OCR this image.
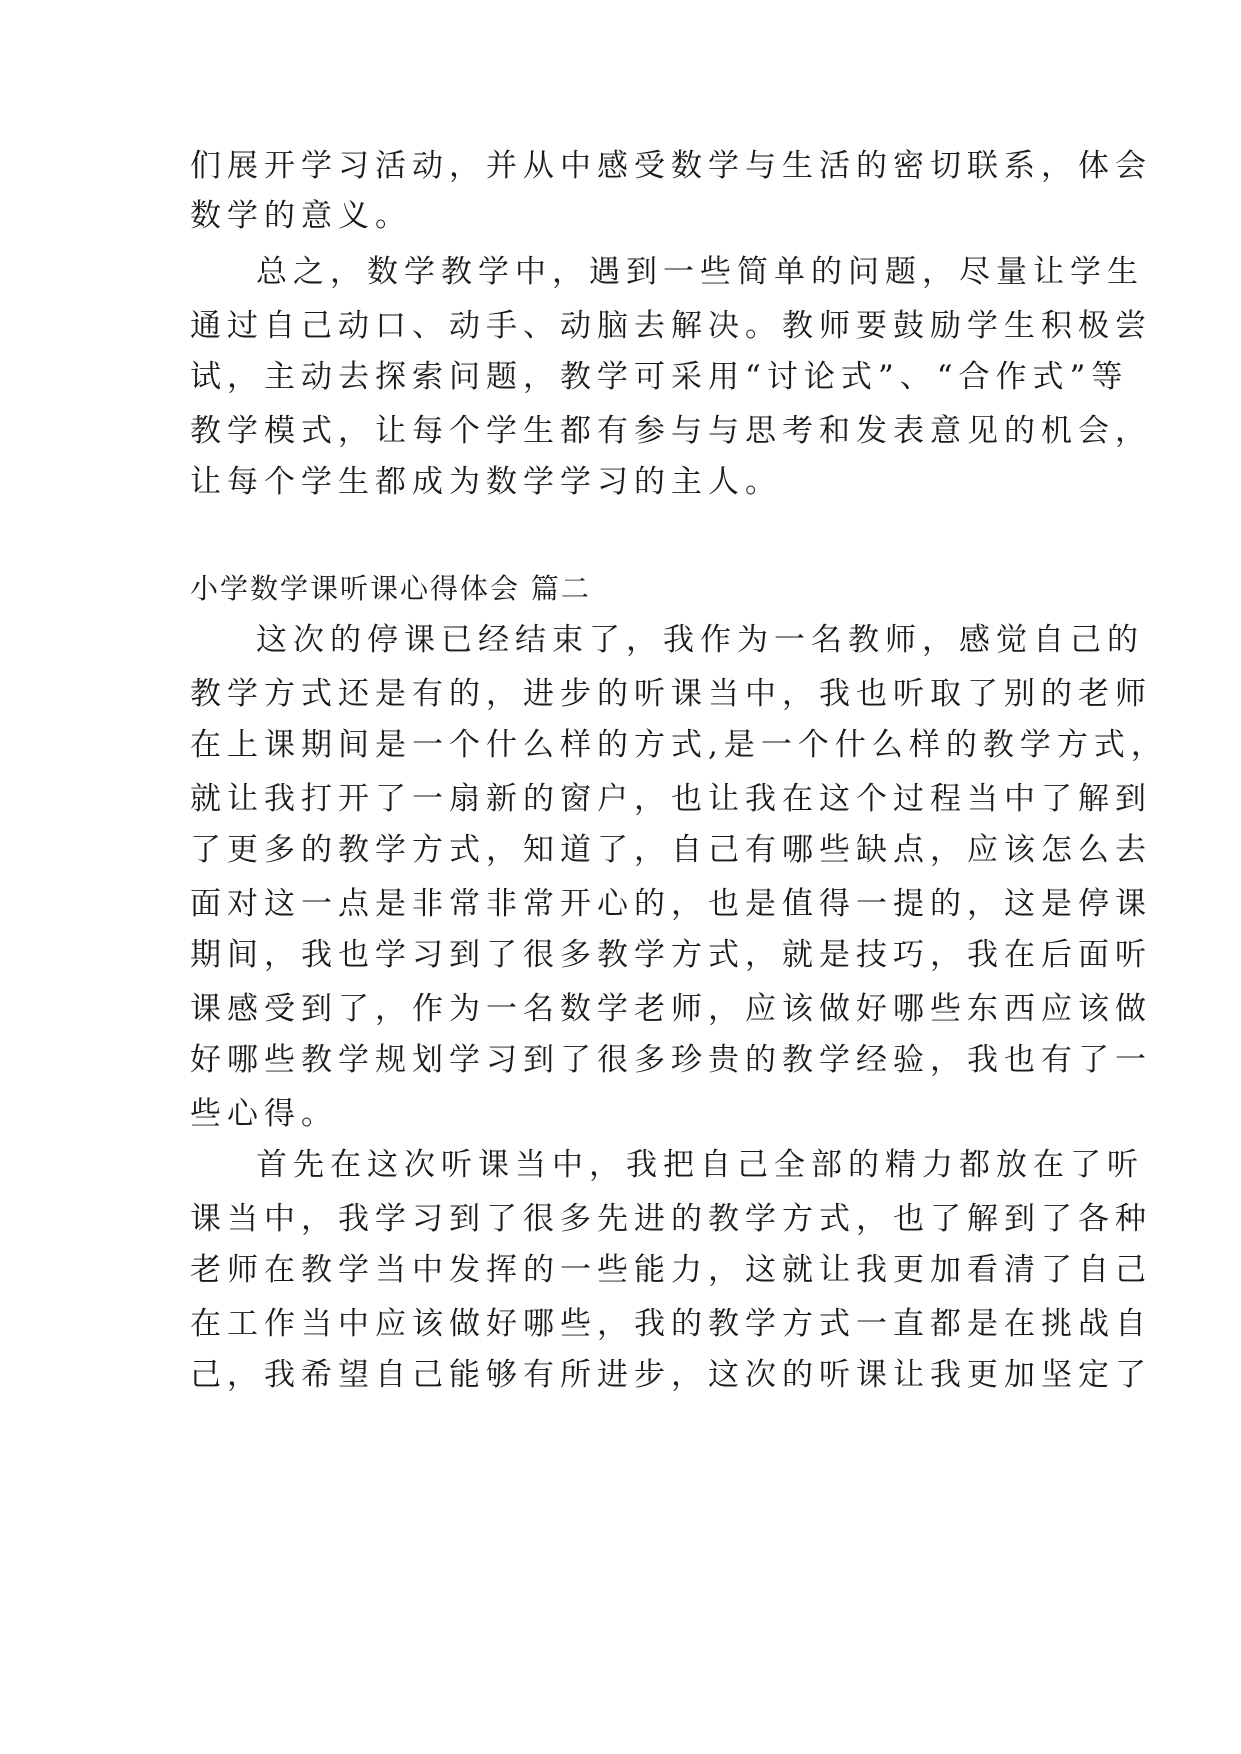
们展开学习活动，并从中感受数学与生活的密切联系，体会

数学的意义。

总之，数学教学中，遇到一些简单的问题，尽量让学生

通过自己动口、动手、动脑去解决。教师要鼓励学生积极尝

试，主动去探索问题，教学可采用“讨论式”、“合作式”等

教学模式，让每个学生都有参与与思考和发表意见的机会，

让每个学生都成为数学学习的主人。

小学数学课听课心得体会 篇二

这次的停课已经结束了，我作为一名教师，感觉自己的

教学方式还是有的，进步的听课当中，我也听取了别的老师

在上课期间是一个什么样的方式,是一个什么样的教学方式，

就让我打开了一扇新的窗户，也让我在这个过程当中了解到

了更多的教学方式，知道了，自己有哪些缺点，应该怎么去

面对这一点是非常非常开心的，也是值得一提的，这是停课

期间，我也学习到了很多教学方式，就是技巧，我在后面听

课感受到了，作为一名数学老师，应该做好哪些东西应该做

好哪些教学规划学习到了很多珍贵的教学经验，我也有了一

些心得。

首先在这次听课当中，我把自己全部的精力都放在了听

课当中，我学习到了很多先进的教学方式，也了解到了各种

老师在教学当中发挥的一些能力，这就让我更加看清了自己

在工作当中应该做好哪些，我的教学方式一直都是在挑战自

己，我希望自己能够有所进步，这次的听课让我更加坚定了
